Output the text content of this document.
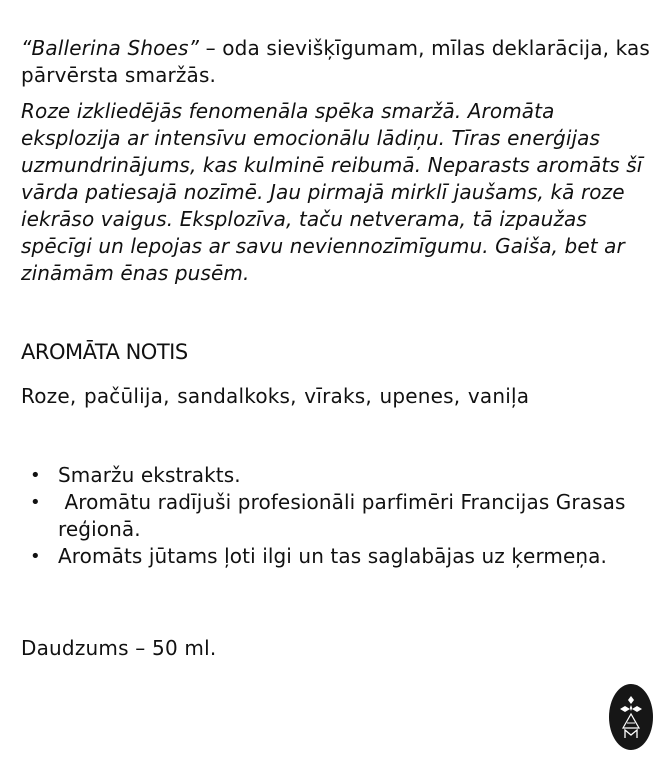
“Ballerina Shoes” – oda sievišķīgumam, mīlas deklarācija, kas pārvērsta smaržās.

Roze izkliedējās fenomenāla spēka smaržā. Aromāta eksplozija ar intensīvu emocionālu lādiņu. Tīras enerģijas uzmundrinājums, kas kulminē reibumā. Neparasts aromāts šī vārda patiesajā nozīmē. Jau pirmajā mirklī jaušams, kā roze iekrāso vaigus. Eksplozīva, taču netverama, tā izpaužas spēcīgi un lepojas ar savu neviennozīmīgumu. Gaiša, bet ar zināmām ēnas pusēm.

AROMĀTA NOTIS

Roze, pačūlija, sandalkoks, vīraks, upenes, vaniļa

• Smaržu ekstrakts.
• Aromātu radījuši profesionāli parfimēri Francijas Grasas reģionā.
• Aromāts jūtams ļoti ilgi un tas saglabājas uz ķermeņa.

Daudzums – 50 ml.
